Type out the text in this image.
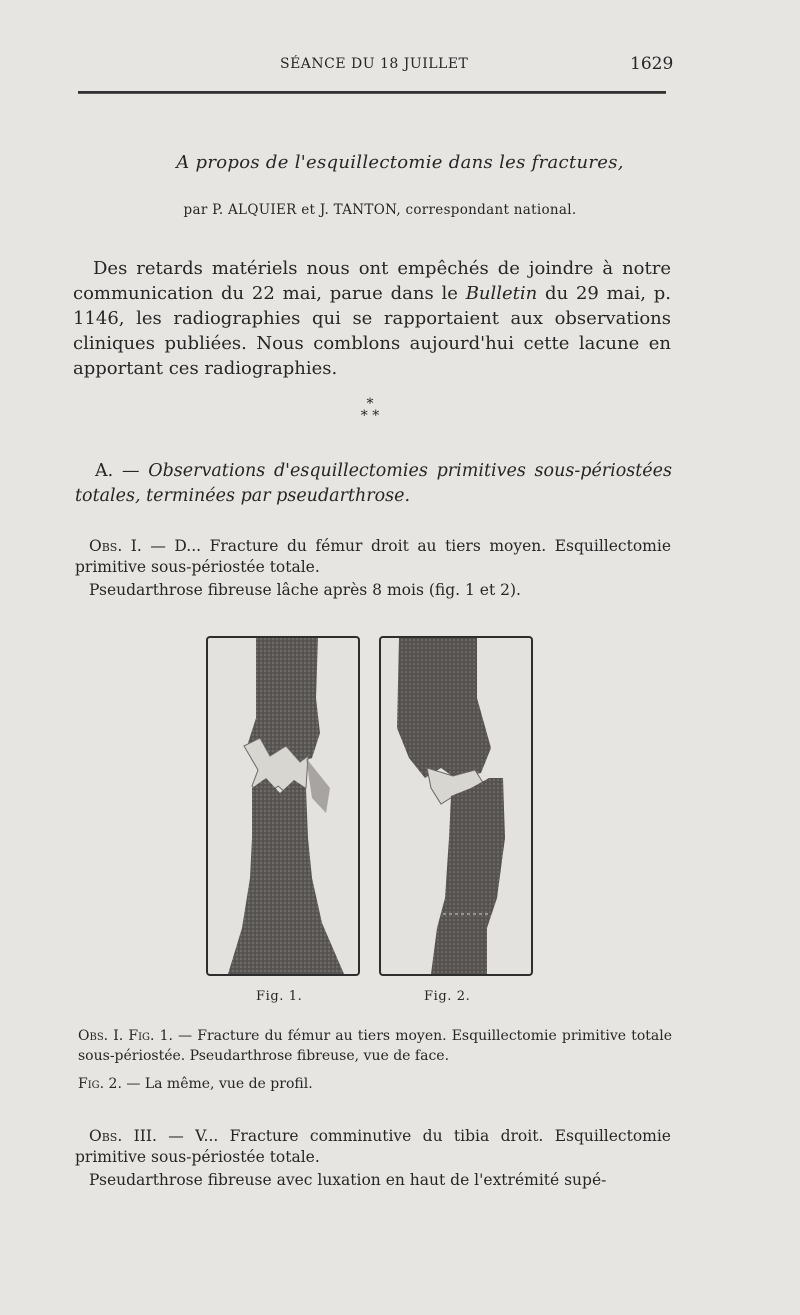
SÉANCE DU 18 JUILLET	1629
A propos de l'esquillectomie dans les fractures,
par P. ALQUIER et J. TANTON, correspondant national.

Des retards matériels nous ont empêchés de joindre à notre communication du 22 mai, parue dans le Bulletin du 29 mai, p. 1146, les radiographies qui se rapportaient aux observations cliniques publiées. Nous comblons aujourd'hui cette lacune en apportant ces radiographies.

*
* *

A. — Observations d'esquillectomies primitives sous-périostées totales, terminées par pseudarthrose.

Obs. I. — D... Fracture du fémur droit au tiers moyen. Esquillectomie primitive sous-périostée totale.

Pseudarthrose fibreuse lâche après 8 mois (fig. 1 et 2).

Fig. 1.	Fig. 2.

Obs. I. Fig. 1. — Fracture du fémur au tiers moyen. Esquillectomie primitive totale sous-périostée. Pseudarthrose fibreuse, vue de face.

Fig. 2. — La même, vue de profil.

Obs. III. — V... Fracture comminutive du tibia droit. Esquillectomie primitive sous-périostée totale.

Pseudarthrose fibreuse avec luxation en haut de l'extrémité supé-
